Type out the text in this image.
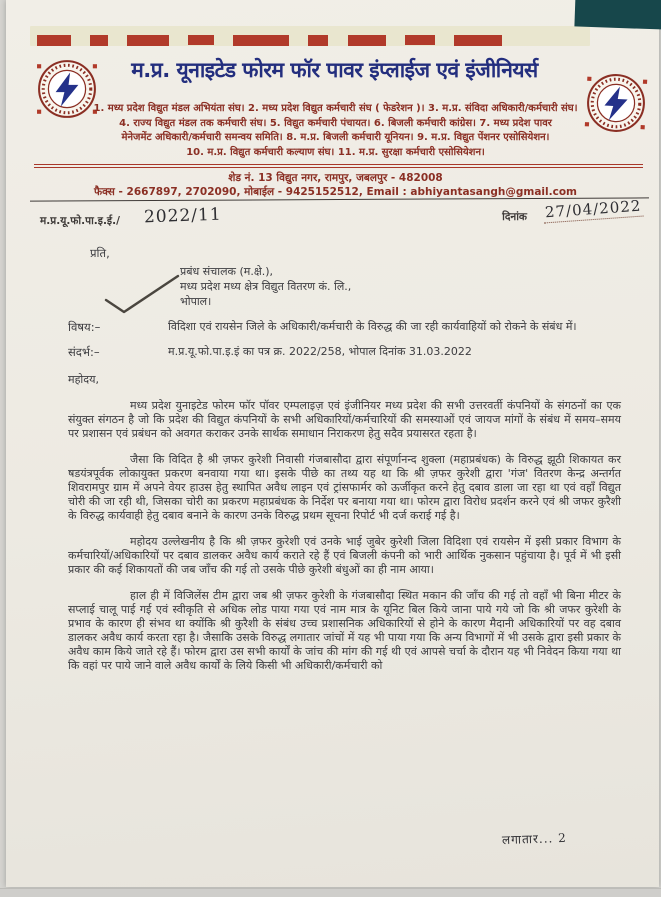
म.प्र. यूनाइटेड फोरम फॉर पावर इंप्लाईज एवं इंजीनियर्स
1. मध्य प्रदेश विद्युत मंडल अभियंता संघ। 2. मध्य प्रदेश विद्युत कर्मचारी संघ ( फेडरेशन )। 3. म.प्र. संविदा अधिकारी/कर्मचारी संघ।
4. राज्य विद्युत मंडल तक कर्मचारी संघ। 5. विद्युत कर्मचारी पंचायत। 6. बिजली कर्मचारी कांग्रेस। 7. मध्य प्रदेश पावर
मेनेजमेंट अधिकारी/कर्मचारी समन्वय समिति। 8. म.प्र. बिजली कर्मचारी यूनियन। 9. म.प्र. विद्युत पेंशनर एसोसियेशन।
10. म.प्र. विद्युत कर्मचारी कल्याण संघ। 11. म.प्र. सुरक्षा कर्मचारी एसोसियेशन।
शेड नं. 13 विद्युत नगर, रामपुर, जबलपुर - 482008
फैक्स - 2667897, 2702090, मोबाईल - 9425152512, Email : abhiyantasangh@gmail.com
म.प्र.यू.फो.पा.इ.ई./ 2022/11	दिनांक 27/04/2022
प्रति,
प्रबंध संचालक (म.क्षे.),
मध्य प्रदेश मध्य क्षेत्र विद्युत वितरण कं. लि.,
भोपाल।
विषय:–	विदिशा एवं रायसेन जिले के अधिकारी/कर्मचारी के विरुद्ध की जा रही कार्यवाहियों को रोकने के संबंध में।
संदर्भ:–	म.प्र.यू.फो.पा.इ.इं का पत्र क्र. 2022/258, भोपाल दिनांक 31.03.2022
महोदय,
मध्य प्रदेश युनाइटेड फोरम फॉर पॉवर एम्पलाइज़ एवं इंजीनियर मध्य प्रदेश की सभी उत्तरवर्ती कंपनियों के संगठनों का एक संयुक्त संगठन है जो कि प्रदेश की विद्युत कंपनियों के सभी अधिकारियों/कर्मचारियों की समस्याओं एवं जायज मांगों के संबंध में समय–समय पर प्रशासन एवं प्रबंधन को अवगत कराकर उनके सार्थक समाधान निराकरण हेतु सदैव प्रयासरत रहता है।
जैसा कि विदित है श्री ज़फर कुरेशी निवासी गंजबासौदा द्वारा संपूर्णानन्द शुक्ला (महाप्रबंधक) के विरुद्ध झूठी शिकायत कर षडयंत्रपूर्वक लोकायुक्त प्रकरण बनवाया गया था। इसके पीछे का तथ्य यह था कि श्री ज़फर कुरेशी द्वारा 'गंज' वितरण केन्द्र अन्तर्गत शिवरामपुर ग्राम में अपने वेयर हाउस हेतु स्थापित अवैध लाइन एवं ट्रांसफार्मर को ऊर्जीकृत करने हेतु दबाव डाला जा रहा था एवं वहाँ विद्युत चोरी की जा रही थी, जिसका चोरी का प्रकरण महाप्रबंधक के निर्देश पर बनाया गया था। फोरम द्वारा विरोध प्रदर्शन करने एवं श्री जफर कुरैशी के विरुद्ध कार्यवाही हेतु दबाव बनाने के कारण उनके विरुद्ध प्रथम सूचना रिपोर्ट भी दर्ज कराई गई है।
महोदय उल्लेखनीय है कि श्री ज़फर कुरेशी एवं उनके भाई जुबेर कुरेशी जिला विदिशा एवं रायसेन में इसी प्रकार विभाग के कर्मचारियों/अधिकारियों पर दबाव डालकर अवैध कार्य कराते रहे हैं एवं बिजली कंपनी को भारी आर्थिक नुकसान पहुंचाया है। पूर्व में भी इसी प्रकार की कई शिकायतों की जब जाँच की गई तो उसके पीछे कुरेशी बंधुओं का ही नाम आया।
हाल ही में विजिलेंस टीम द्वारा जब श्री ज़फर कुरेशी के गंजबासौदा स्थित मकान की जाँच की गई तो वहाँ भी बिना मीटर के सप्लाई चालू पाई गई एवं स्वीकृति से अधिक लोड पाया गया एवं नाम मात्र के यूनिट बिल किये जाना पाये गये जो कि श्री जफर कुरेशी के प्रभाव के कारण ही संभव था क्योंकि श्री कुरैशी के संबंध उच्च प्रशासनिक अधिकारियों से होने के कारण मैदानी अधिकारियों पर वह दबाव डालकर अवैध कार्य करता रहा है। जैसाकि उसके विरुद्ध लगातार जांचों में यह भी पाया गया कि अन्य विभागों में भी उसके द्वारा इसी प्रकार के अवैध काम किये जाते रहे हैं। फोरम द्वारा उस सभी कार्यों के जांच की मांग की गई थी एवं आपसे चर्चा के दौरान यह भी निवेदन किया गया था कि वहां पर पाये जाने वाले अवैध कार्यों के लिये किसी भी अधिकारी/कर्मचारी को
लगातार... 2
